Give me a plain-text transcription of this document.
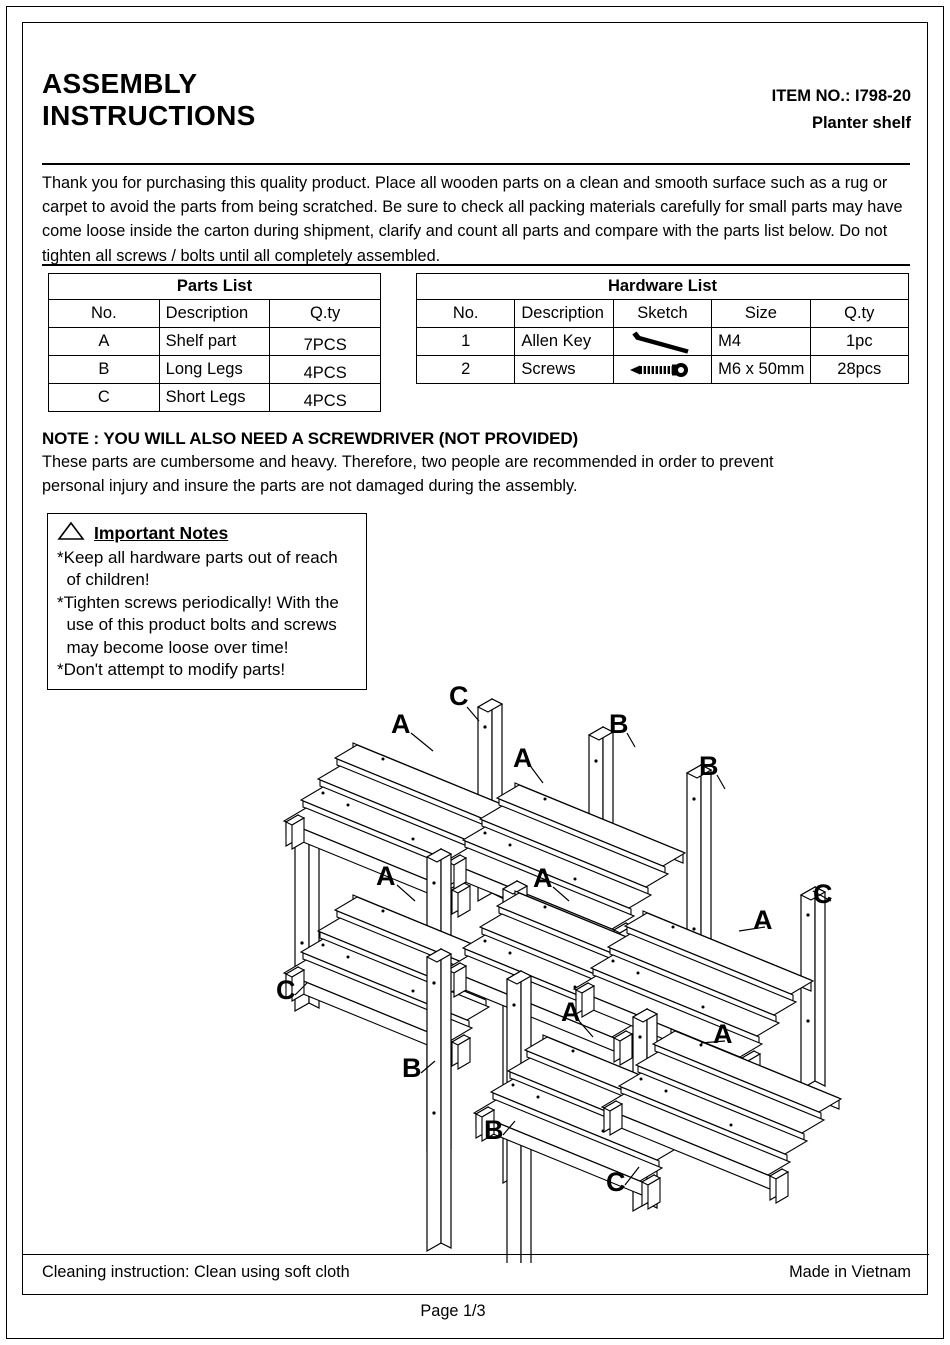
ASSEMBLY
INSTRUCTIONS
ITEM NO.: I798-20
Planter shelf
Thank you for purchasing this quality product. Place all wooden parts on a clean and smooth surface such as a rug or carpet to avoid the parts from being scratched. Be sure to check all packing materials carefully for small parts may have come loose inside the carton during shipment, clarify and count all parts and compare with the parts list below. Do not tighten all screws / bolts until all completely assembled.
Parts List		
No.	Description	Q.ty
A	Shelf part	7PCS

B	Long Legs	4PCS

C	Short Legs	4PCS
Hardware List				
No.	Description	Sketch	Size	Q.ty
1	Allen Key		M4	1pc
2	Screws		M6 x 50mm	28pcs
NOTE : YOU WILL ALSO NEED A SCREWDRIVER (NOT PROVIDED)
These parts are cumbersome and heavy. Therefore, two people are recommended in order to prevent
personal injury and insure the parts are not damaged during the assembly.
Important Notes
*Keep all hardware parts out of reach
of children!
*Tighten screws periodically! With the
use of this product bolts and screws
may become loose over time!
*Don't attempt to modify parts!
A
C
A
B
B
A	A
A
C
C
B
A
A
B
C
Cleaning instruction: Clean using soft cloth	Made in Vietnam
Page 1/3
